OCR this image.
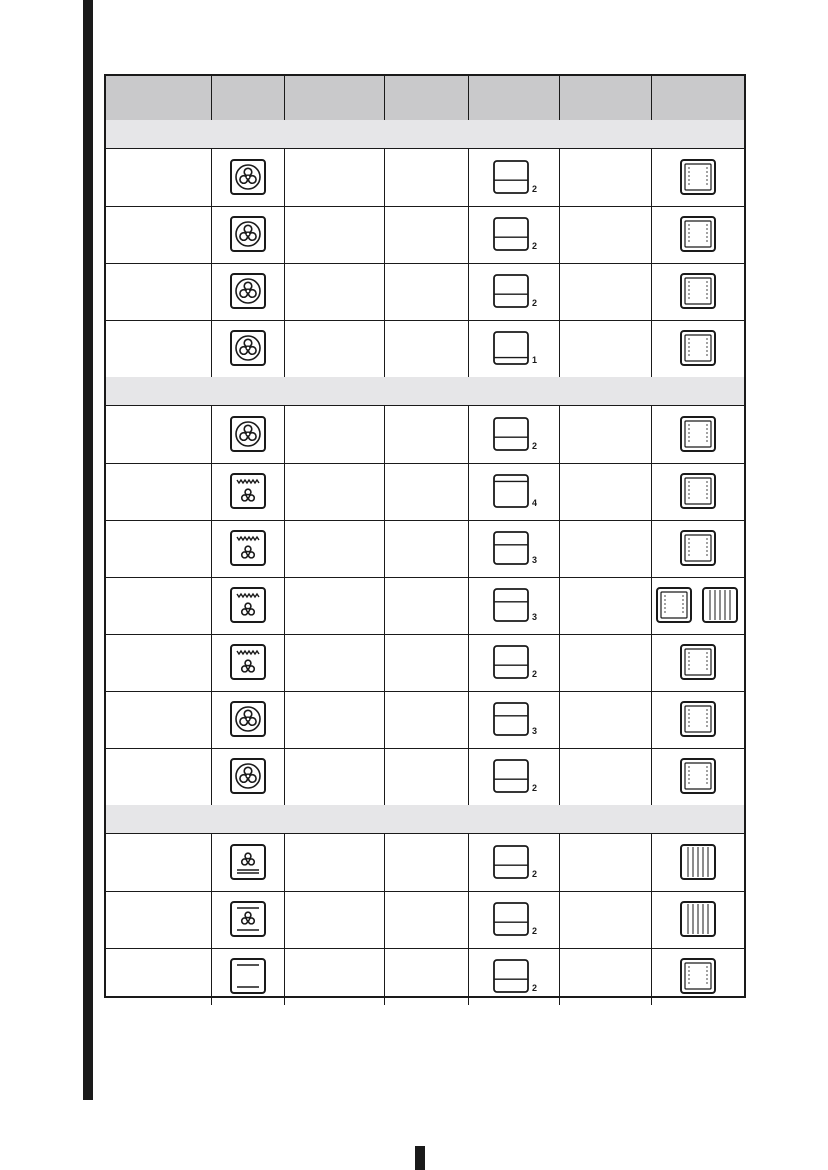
2
2
2
1
2
4
3
3
2
3
2
2
2
2
